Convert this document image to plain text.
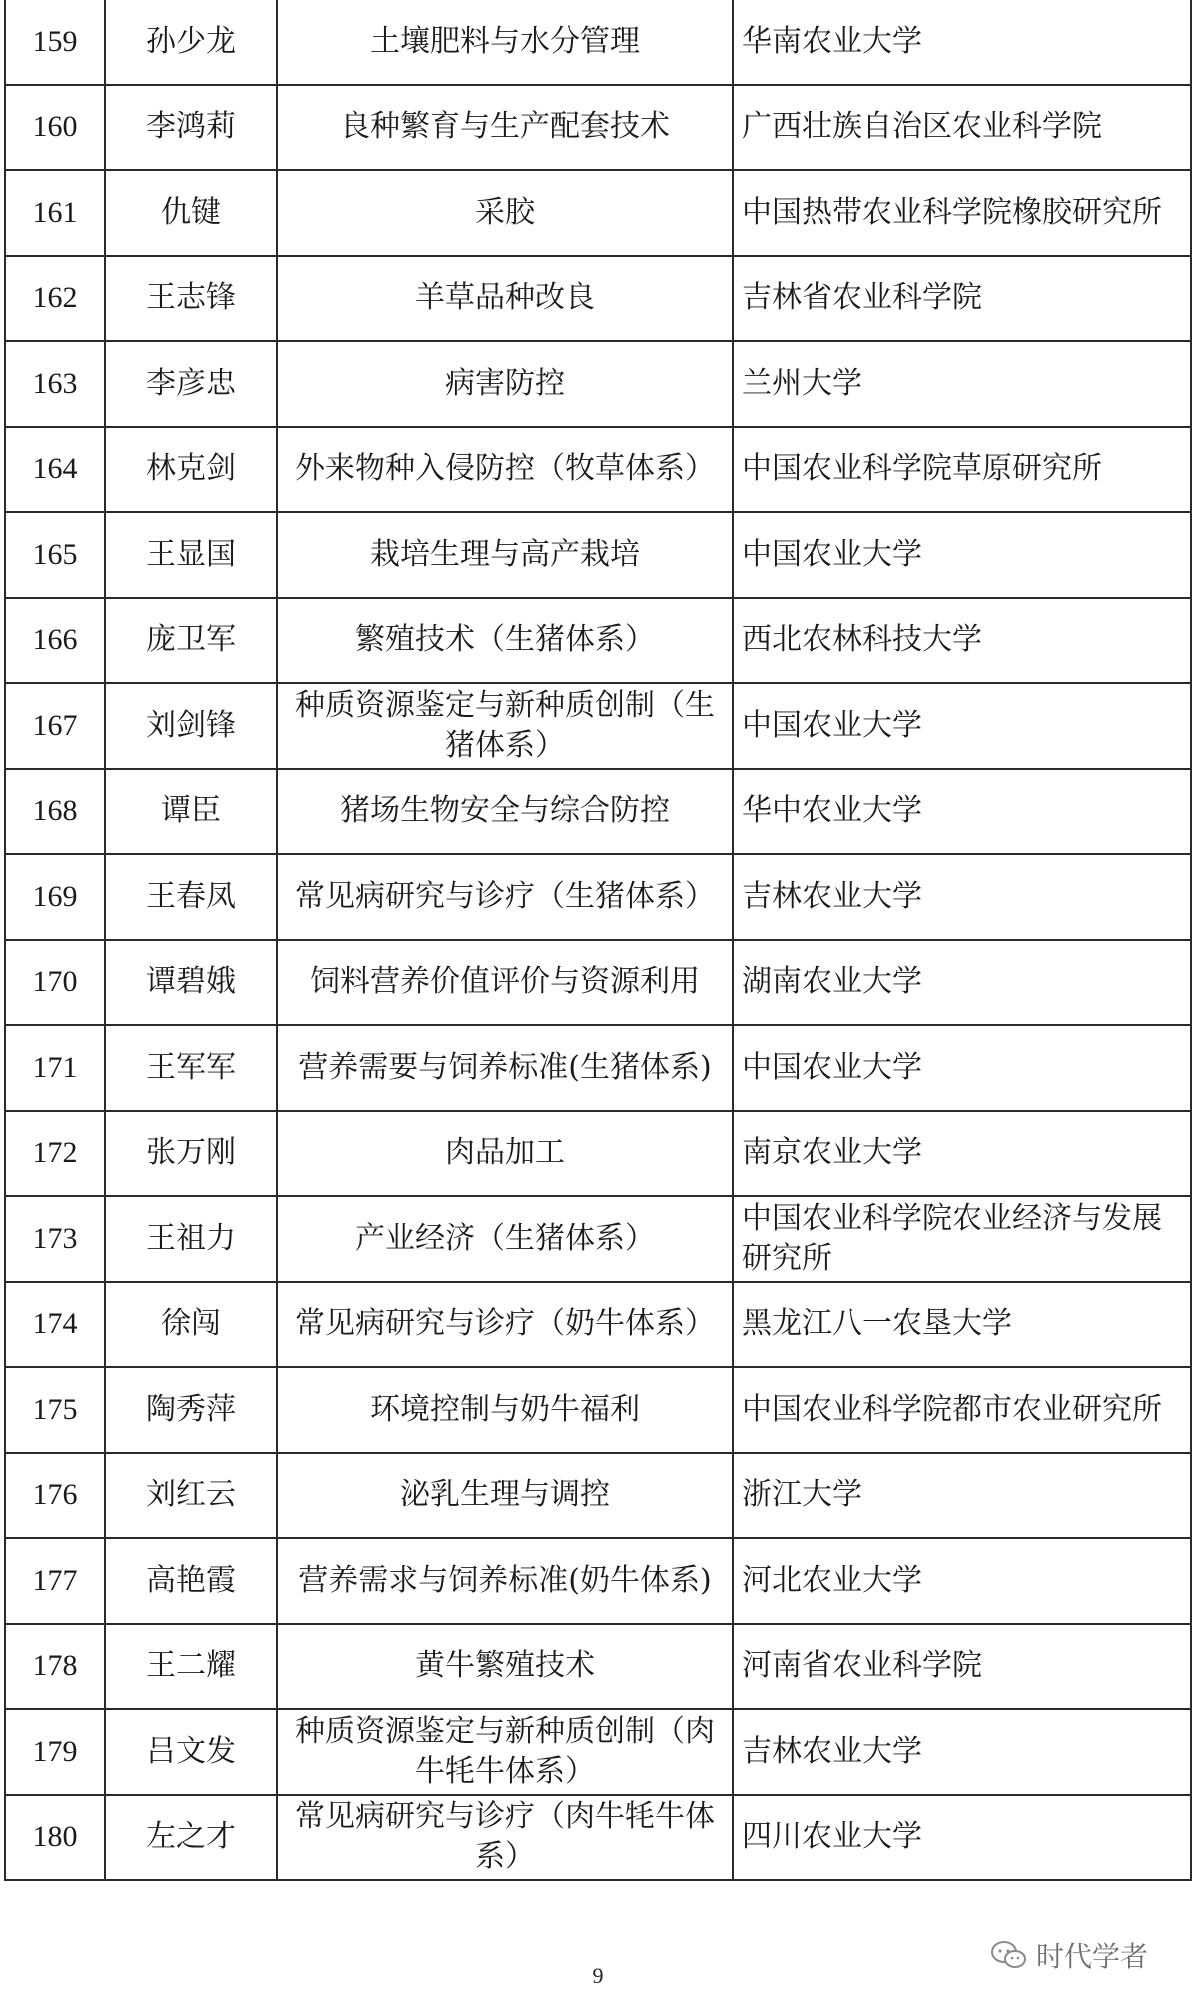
159	孙少龙	土壤肥料与水分管理	华南农业大学
160	李鸿莉	良种繁育与生产配套技术	广西壮族自治区农业科学院
161	仇键	采胶	中国热带农业科学院橡胶研究所
162	王志锋	羊草品种改良	吉林省农业科学院
163	李彦忠	病害防控	兰州大学
164	林克剑	外来物种入侵防控（牧草体系）	中国农业科学院草原研究所
165	王显国	栽培生理与高产栽培	中国农业大学
166	庞卫军	繁殖技术（生猪体系）	西北农林科技大学
167	刘剑锋	种质资源鉴定与新种质创制（生猪体系）	中国农业大学
168	谭臣	猪场生物安全与综合防控	华中农业大学
169	王春凤	常见病研究与诊疗（生猪体系）	吉林农业大学
170	谭碧娥	饲料营养价值评价与资源利用	湖南农业大学
171	王军军	营养需要与饲养标准(生猪体系)	中国农业大学
172	张万刚	肉品加工	南京农业大学
173	王祖力	产业经济（生猪体系）	中国农业科学院农业经济与发展研究所
174	徐闯	常见病研究与诊疗（奶牛体系）	黑龙江八一农垦大学
175	陶秀萍	环境控制与奶牛福利	中国农业科学院都市农业研究所
176	刘红云	泌乳生理与调控	浙江大学
177	高艳霞	营养需求与饲养标准(奶牛体系)	河北农业大学
178	王二耀	黄牛繁殖技术	河南省农业科学院
179	吕文发	种质资源鉴定与新种质创制（肉牛牦牛体系）	吉林农业大学
180	左之才	常见病研究与诊疗（肉牛牦牛体系）	四川农业大学
时代学者
9
